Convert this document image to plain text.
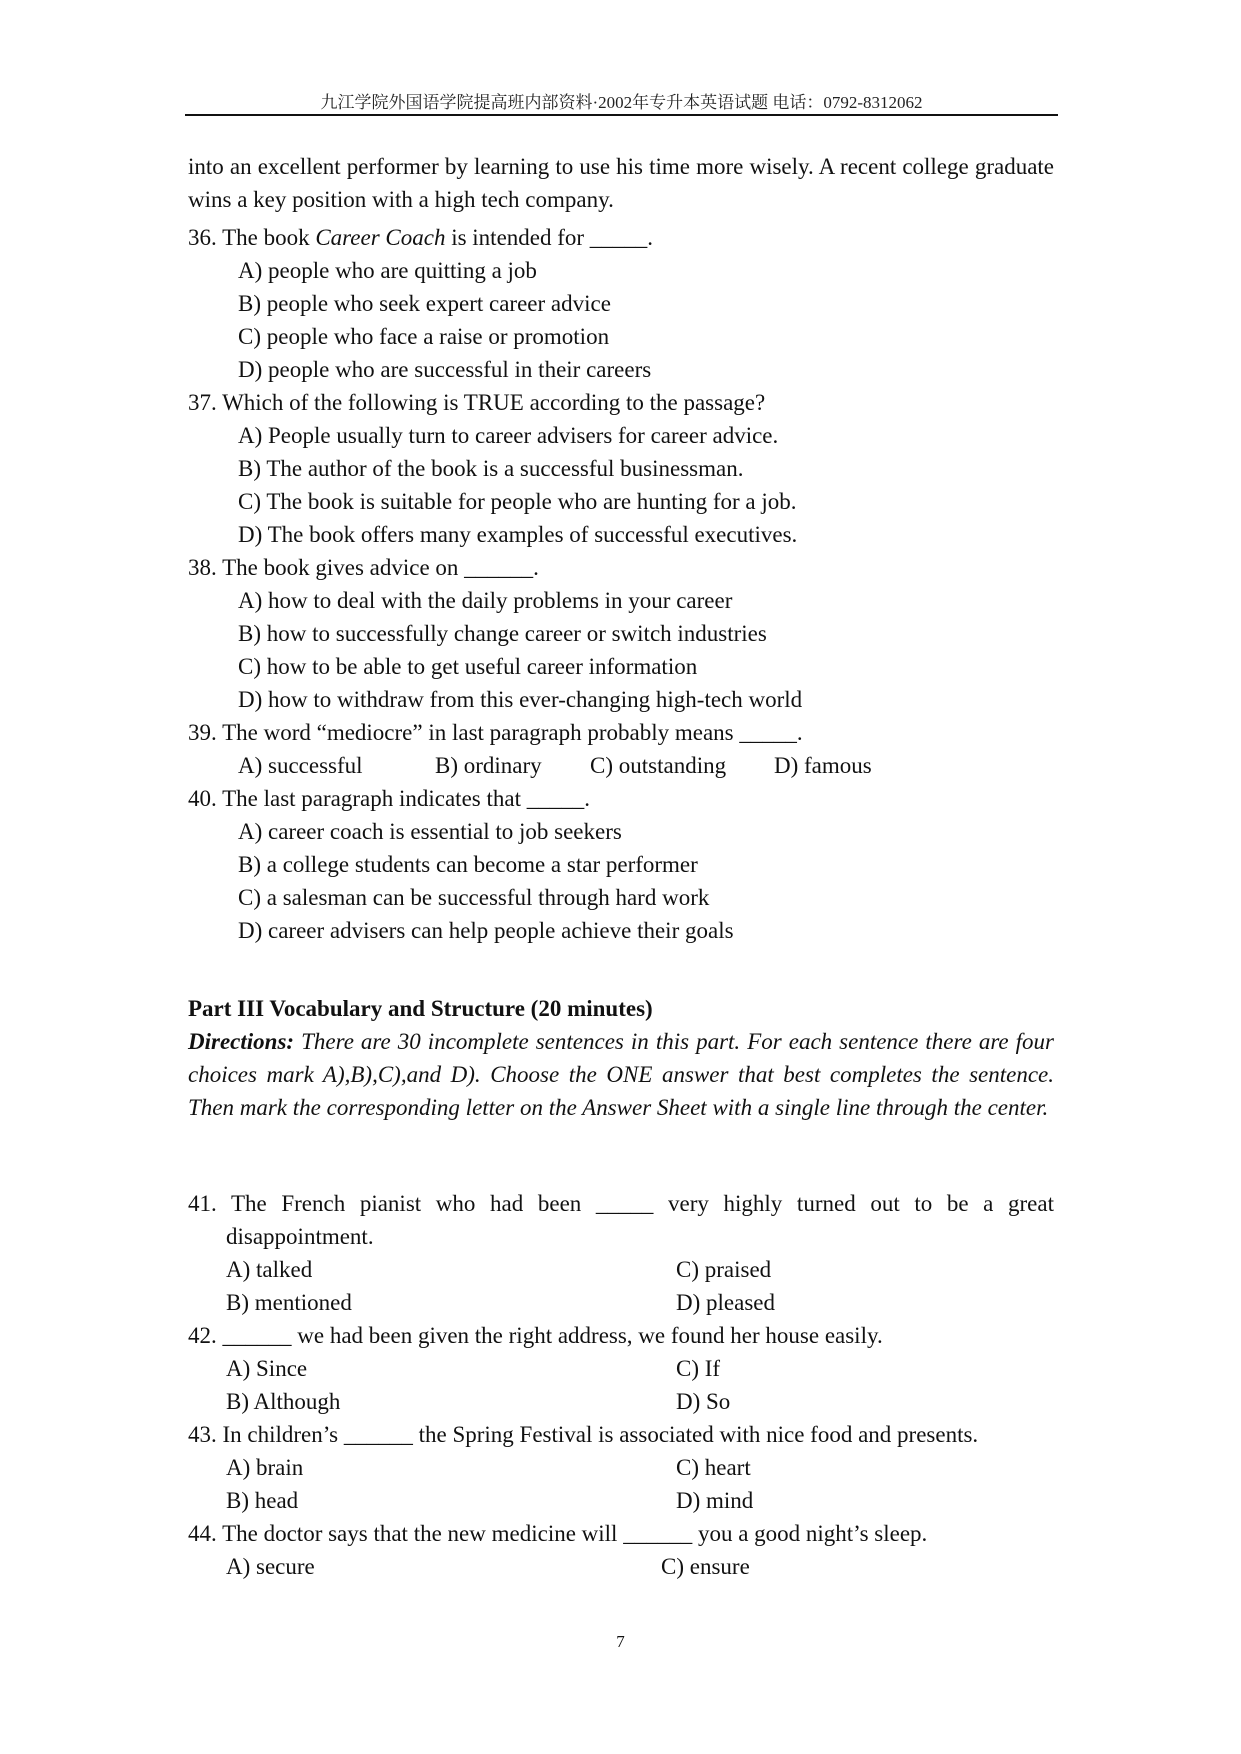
九江学院外国语学院提高班内部资料·2002年专升本英语试题 电话：0792-8312062

into an excellent performer by learning to use his time more wisely. A recent college graduate wins a key position with a high tech company.

36. The book Career Coach is intended for _____.

A) people who are quitting a job

B) people who seek expert career advice

C) people who face a raise or promotion

D) people who are successful in their careers

37. Which of the following is TRUE according to the passage?

A) People usually turn to career advisers for career advice.

B) The author of the book is a successful businessman.

C) The book is suitable for people who are hunting for a job.

D) The book offers many examples of successful executives.

38. The book gives advice on ______.

A) how to deal with the daily problems in your career

B) how to successfully change career or switch industries

C) how to be able to get useful career information

D) how to withdraw from this ever-changing high-tech world

39. The word “mediocre” in last paragraph probably means _____.

A) successful	B) ordinary	C) outstanding	D) famous

40. The last paragraph indicates that _____.

A) career coach is essential to job seekers

B) a college students can become a star performer

C) a salesman can be successful through hard work

D) career advisers can help people achieve their goals

Part III Vocabulary and Structure (20 minutes)

Directions: There are 30 incomplete sentences in this part. For each sentence there are four choices mark A),B),C),and D). Choose the ONE answer that best completes the sentence. Then mark the corresponding letter on the Answer Sheet with a single line through the center.

41. The French pianist who had been _____ very highly turned out to be a great

disappointment.

A) talked	C) praised
B) mentioned	D) pleased

42. ______ we had been given the right address, we found her house easily.

A) Since	C) If
B) Although	D) So

43. In children’s ______ the Spring Festival is associated with nice food and presents.

A) brain	C) heart
B) head	D) mind

44. The doctor says that the new medicine will ______ you a good night’s sleep.

A) secure	C) ensure
7
